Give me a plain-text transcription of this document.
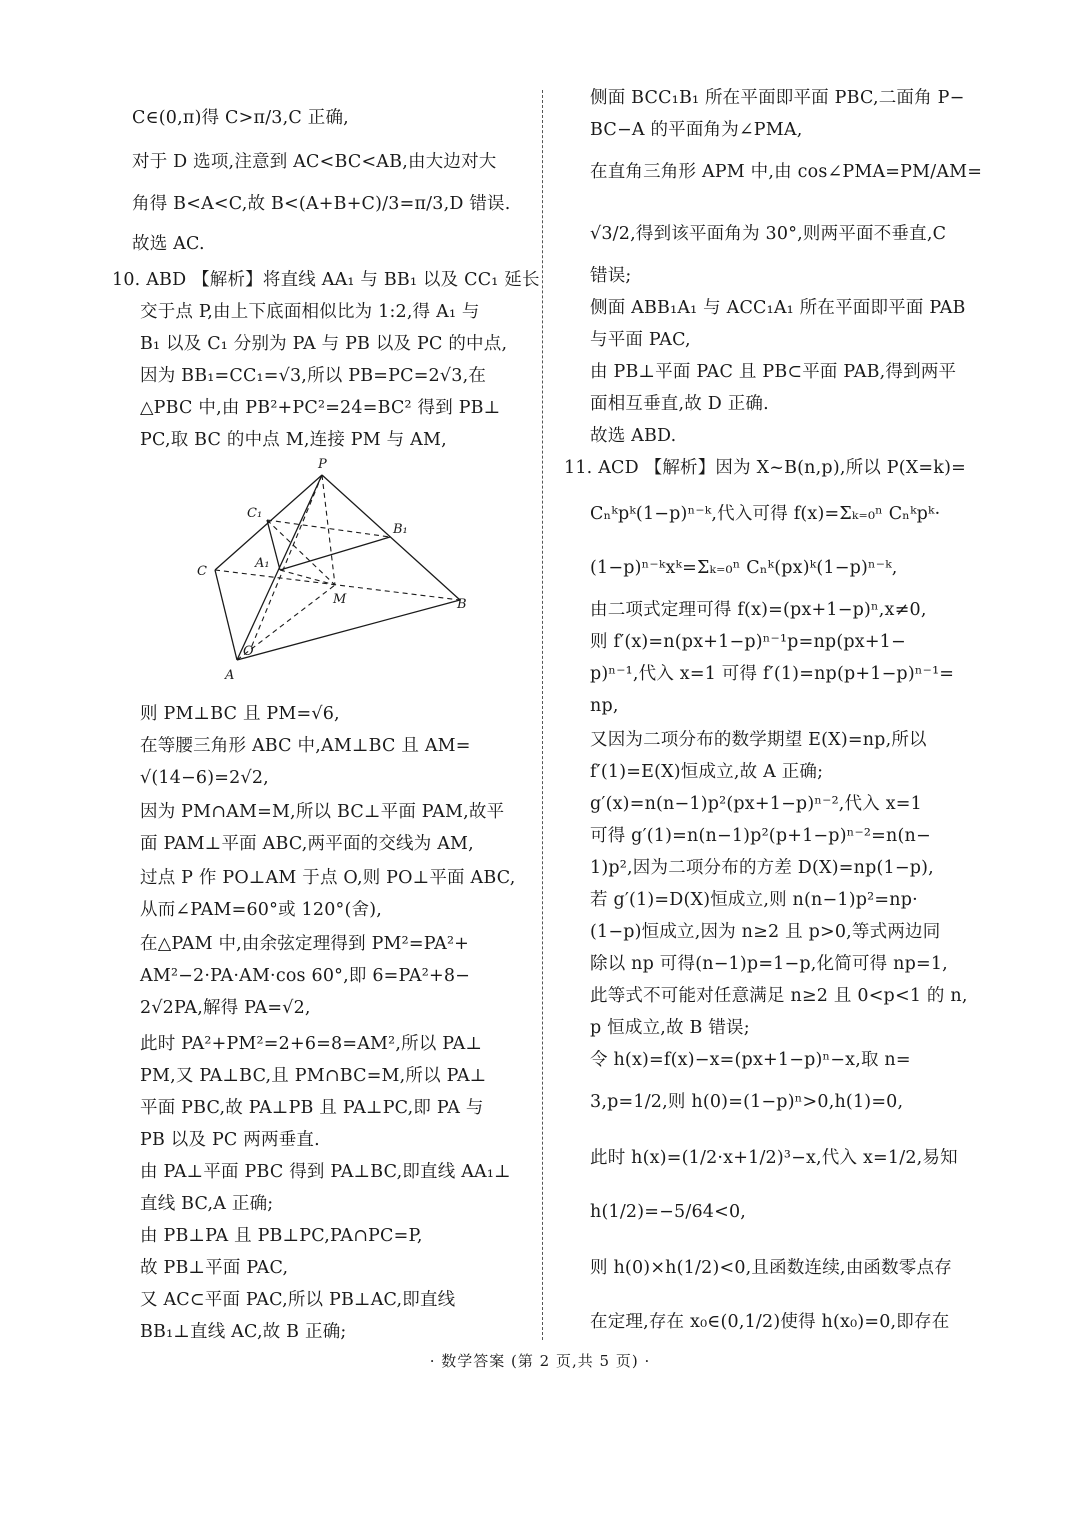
C∈(0,π)得 C>π/3,C 正确,
对于 D 选项,注意到 AC<BC<AB,由大边对大
角得 B<A<C,故 B<(A+B+C)/3=π/3,D 错误.
故选 AC.
10. ABD 【解析】将直线 AA₁ 与 BB₁ 以及 CC₁ 延长
交于点 P,由上下底面相似比为 1:2,得 A₁ 与
B₁ 以及 C₁ 分别为 PA 与 PB 以及 PC 的中点,
因为 BB₁=CC₁=√3,所以 PB=PC=2√3,在
△PBC 中,由 PB²+PC²=24=BC² 得到 PB⊥
PC,取 BC 的中点 M,连接 PM 与 AM,
则 PM⊥BC 且 PM=√6,
在等腰三角形 ABC 中,AM⊥BC 且 AM=
√(14−6)=2√2,
因为 PM∩AM=M,所以 BC⊥平面 PAM,故平
面 PAM⊥平面 ABC,两平面的交线为 AM,
过点 P 作 PO⊥AM 于点 O,则 PO⊥平面 ABC,
从而∠PAM=60°或 120°(舍),
在△PAM 中,由余弦定理得到 PM²=PA²+
AM²−2·PA·AM·cos 60°,即 6=PA²+8−
2√2PA,解得 PA=√2,
此时 PA²+PM²=2+6=8=AM²,所以 PA⊥
PM,又 PA⊥BC,且 PM∩BC=M,所以 PA⊥
平面 PBC,故 PA⊥PB 且 PA⊥PC,即 PA 与
PB 以及 PC 两两垂直.
由 PA⊥平面 PBC 得到 PA⊥BC,即直线 AA₁⊥
直线 BC,A 正确;
由 PB⊥PA 且 PB⊥PC,PA∩PC=P,
故 PB⊥平面 PAC,
又 AC⊂平面 PAC,所以 PB⊥AC,即直线
BB₁⊥直线 AC,故 B 正确;
侧面 BCC₁B₁ 所在平面即平面 PBC,二面角 P−
BC−A 的平面角为∠PMA,
在直角三角形 APM 中,由 cos∠PMA=PM/AM=
√3/2,得到该平面角为 30°,则两平面不垂直,C
错误;
侧面 ABB₁A₁ 与 ACC₁A₁ 所在平面即平面 PAB
与平面 PAC,
由 PB⊥平面 PAC 且 PB⊂平面 PAB,得到两平
面相互垂直,故 D 正确.
故选 ABD.
11. ACD 【解析】因为 X~B(n,p),所以 P(X=k)=
Cₙᵏpᵏ(1−p)ⁿ⁻ᵏ,代入可得 f(x)=Σₖ₌₀ⁿ Cₙᵏpᵏ·
(1−p)ⁿ⁻ᵏxᵏ=Σₖ₌₀ⁿ Cₙᵏ(px)ᵏ(1−p)ⁿ⁻ᵏ,
由二项式定理可得 f(x)=(px+1−p)ⁿ,x≠0,
则 f′(x)=n(px+1−p)ⁿ⁻¹p=np(px+1−
p)ⁿ⁻¹,代入 x=1 可得 f′(1)=np(p+1−p)ⁿ⁻¹=
np,
又因为二项分布的数学期望 E(X)=np,所以
f′(1)=E(X)恒成立,故 A 正确;
g′(x)=n(n−1)p²(px+1−p)ⁿ⁻²,代入 x=1
可得 g′(1)=n(n−1)p²(p+1−p)ⁿ⁻²=n(n−
1)p²,因为二项分布的方差 D(X)=np(1−p),
若 g′(1)=D(X)恒成立,则 n(n−1)p²=np·
(1−p)恒成立,因为 n≥2 且 p>0,等式两边同
除以 np 可得(n−1)p=1−p,化简可得 np=1,
此等式不可能对任意满足 n≥2 且 0<p<1 的 n,
p 恒成立,故 B 错误;
令 h(x)=f(x)−x=(px+1−p)ⁿ−x,取 n=
3,p=1/2,则 h(0)=(1−p)ⁿ>0,h(1)=0,
此时 h(x)=(1/2·x+1/2)³−x,代入 x=1/2,易知
h(1/2)=−5/64<0,
则 h(0)×h(1/2)<0,且函数连续,由函数零点存
在定理,存在 x₀∈(0,1/2)使得 h(x₀)=0,即存在
P
C₁
B₁
C
A₁
M	B
O
A
· 数学答案 (第 2 页,共 5 页) ·
